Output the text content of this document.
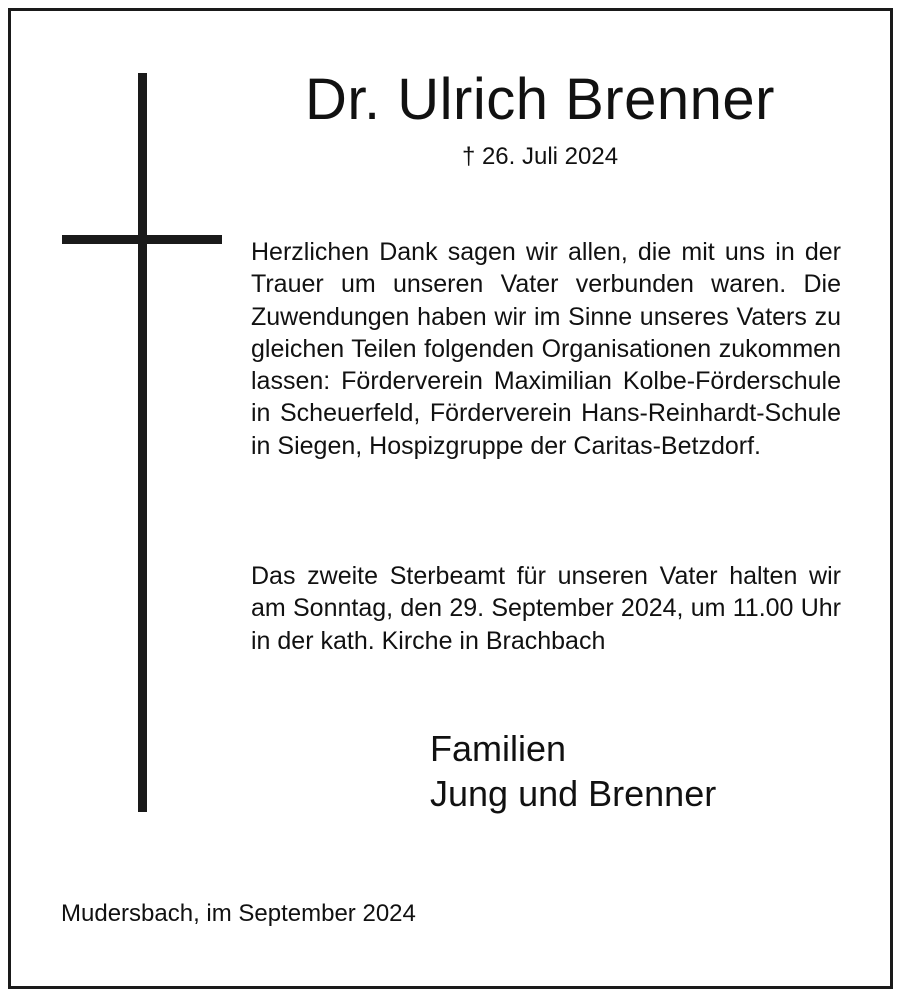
Dr. Ulrich Brenner
† 26. Juli 2024
Herzlichen Dank sagen wir allen, die mit uns in der Trauer um unseren Vater verbunden waren. Die Zuwendungen haben wir im Sinne unseres Vaters zu gleichen Teilen folgenden Organisationen zukommen lassen: Förderverein Maximilian Kolbe-Förderschule in Scheuerfeld, Förderverein Hans-Reinhardt-Schule in Siegen, Hospizgruppe der Caritas-Betzdorf.
Das zweite Sterbeamt für unseren Vater halten wir am Sonntag, den 29. September 2024, um 11.00 Uhr in der kath. Kirche in Brachbach
Familien
Jung und Brenner
Mudersbach, im September 2024
